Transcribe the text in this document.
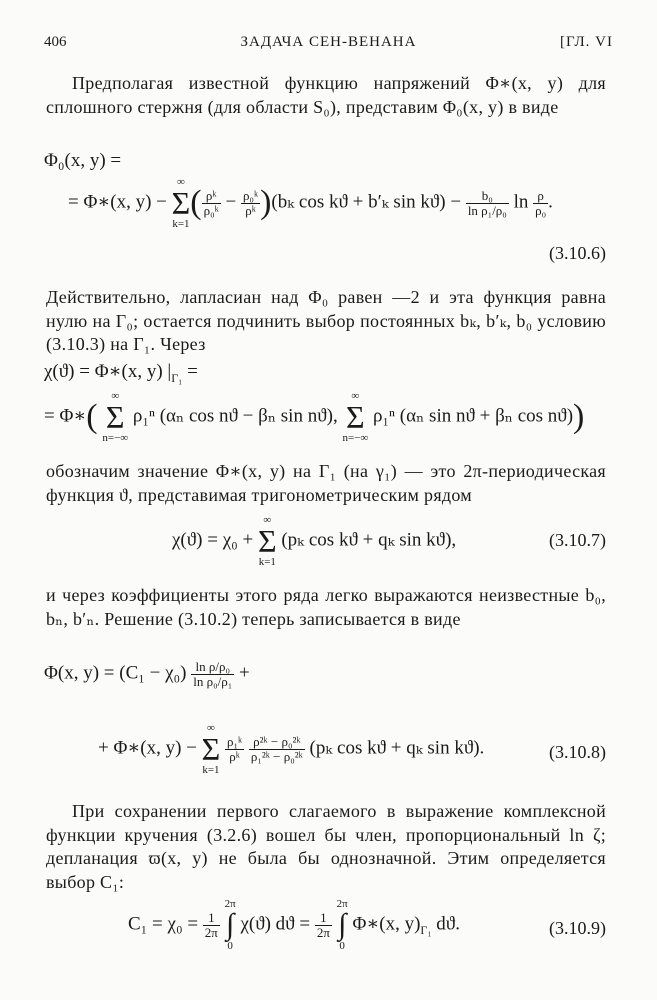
406	ЗАДАЧА СЕН-ВЕНАНА	[ГЛ. VI
Предполагая известной функцию напряжений Φ∗(x, y) для сплошного стержня (для области S₀), представим Φ₀(x, y) в виде
Φ₀(x, y) =
= Φ∗(x, y) −
∞
Σ
k=1
( $\frac{\text{ρᵏ}}{\text{ρ₀ᵏ}} - \frac{\text{ρ₀ᵏ}}{\text{ρᵏ}} )(b_k$ cos kϑ + b′ₖ $\sin kϑ) - \frac{\text{b₀}}{\text{ln ρ₁/ρ₀}}$ $\ln \frac{\rho}{\text{ρ₀}}$ .
(3.10.6)
Действительно, лапласиан над Φ₀ равен —2 и эта функция равна нулю на Γ₀; остается подчинить выбор постоянных bₖ, b′ₖ, b₀ условию (3.10.3) на Γ₁. Через
χ(ϑ) = Φ∗(x, y) $|_{\Gamma_1}$ =
= Φ∗(
∞
Σ
n=−∞
ρ₁ⁿ (αₙ cos nϑ − βₙ sin nϑ),
∞
Σ
n=−∞
ρ₁ⁿ (αₙ sin nϑ + βₙ cos nϑ))
обозначим значение Φ∗(x, y) на Γ₁ (на γ₁) — это 2π-периодическая функция ϑ, представимая тригонометрическим рядом
χ(ϑ) = χ₀ +
∞
Σ
k=1
(pₖ cos kϑ + qₖ sin kϑ),	(3.10.7)
и через коэффициенты этого ряда легко выражаются неизвестные b₀, bₙ, b′ₙ. Решение (3.10.2) теперь записывается в виде
Φ(x, $y) = (C_1 - \chi_0) \frac{\text{ln ρ/ρ₀}}{\text{ln ρ₀/ρ₁}}$ +
+ Φ∗(x, y) −
∞
Σ
k=1

$\frac{\text{ρ₁ᵏ}}{\text{ρᵏ}}$
$\frac{\text{ρ²ᵏ − ρ₀²ᵏ}}{\text{ρ₁²ᵏ − ρ₀²ᵏ}} (p_k$ cos kϑ + qₖ sin kϑ).	(3.10.8)
При сохранении первого слагаемого в выражение комплексной функции кручения (3.2.6) вошел бы член, пропорциональный ln ζ; депланация ϖ(x, y) не была бы однозначной. Этим определяется выбор C₁:
$C_1 = \chi_0 = \frac{1}{2\pi}$

2π
∫
0
χ(ϑ) $dϑ = \frac{1}{2\pi}$

2π
∫
0
Φ∗(x, $y)_{\Gamma_1}$ dϑ.	(3.10.9)
